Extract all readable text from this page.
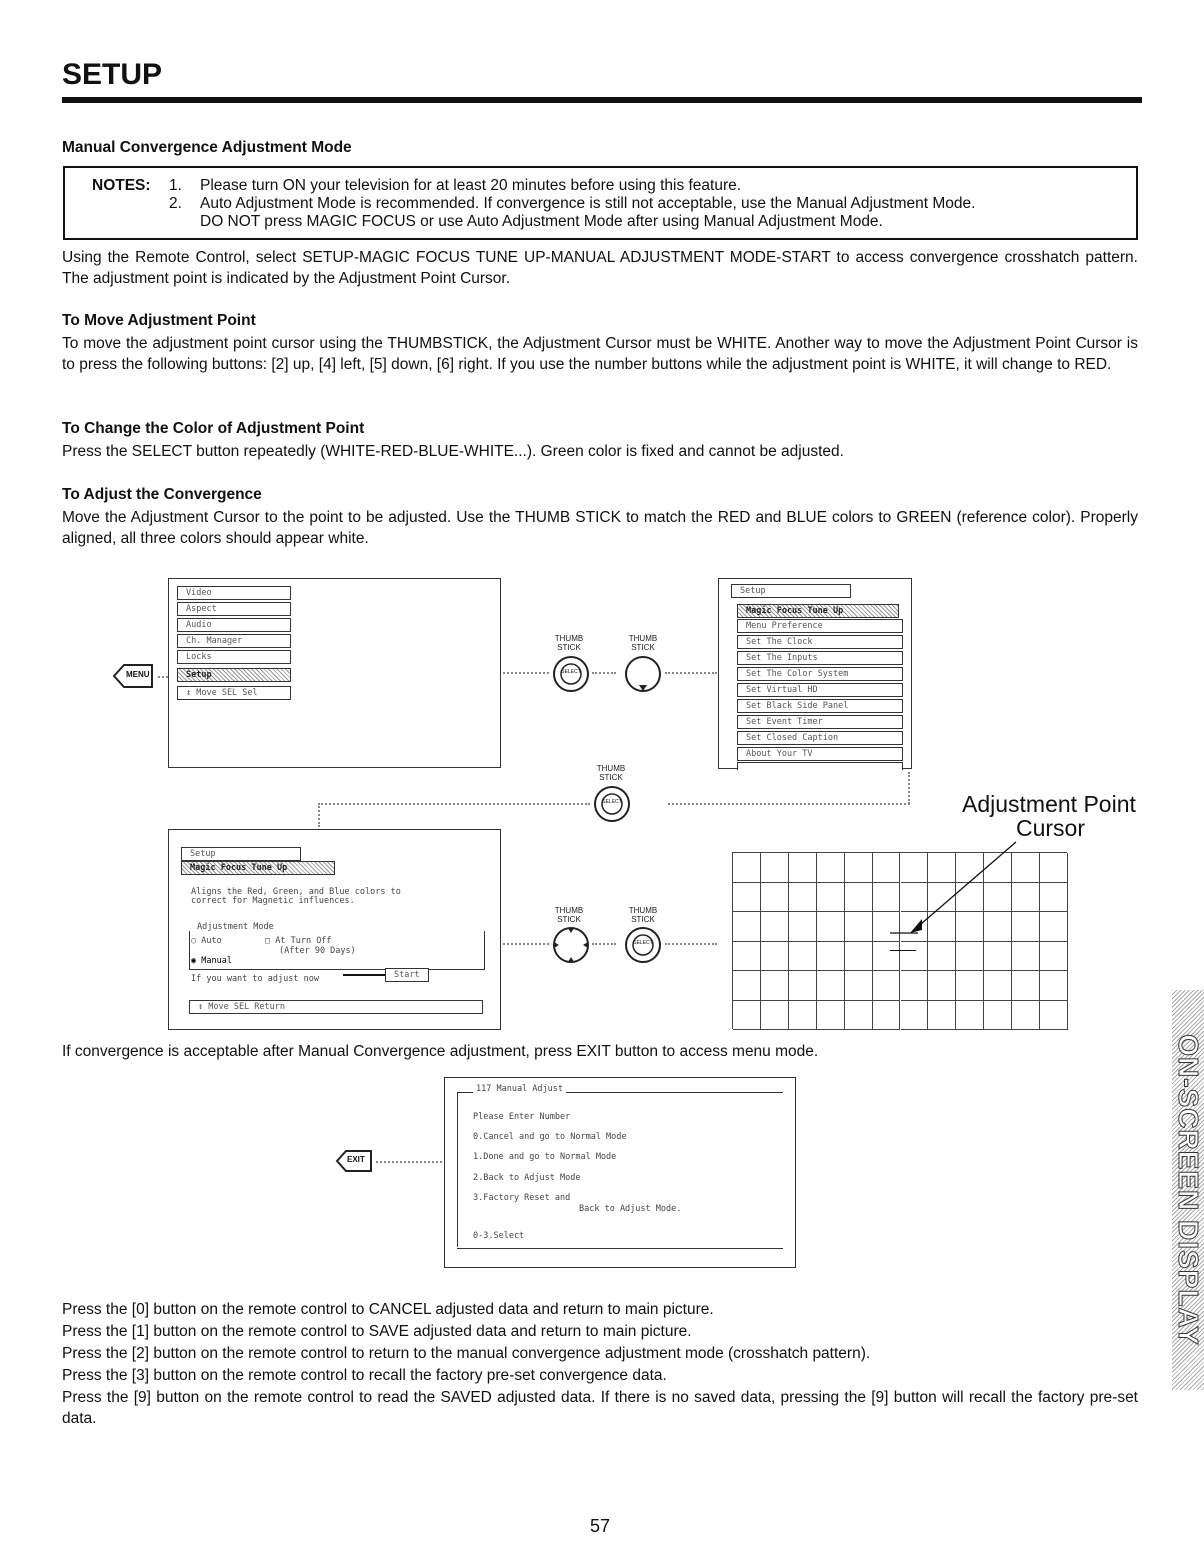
SETUP
Manual Convergence Adjustment Mode
NOTES: 1. Please turn ON your television for at least 20 minutes before using this feature.
2. Auto Adjustment Mode is recommended. If convergence is still not acceptable, use the Manual Adjustment Mode.
DO NOT press MAGIC FOCUS or use Auto Adjustment Mode after using Manual Adjustment Mode.
Using the Remote Control, select SETUP-MAGIC FOCUS TUNE UP-MANUAL ADJUSTMENT MODE-START to access convergence crosshatch pattern. The adjustment point is indicated by the Adjustment Point Cursor.
To Move Adjustment Point
To move the adjustment point cursor using the THUMBSTICK, the Adjustment Cursor must be WHITE. Another way to move the Adjustment Point Cursor is to press the following buttons: [2] up, [4] left, [5] down, [6] right. If you use the number buttons while the adjustment point is WHITE, it will change to RED.
To Change the Color of Adjustment Point
Press the SELECT button repeatedly (WHITE-RED-BLUE-WHITE...). Green color is fixed and cannot be adjusted.
To Adjust the Convergence
Move the Adjustment Cursor to the point to be adjusted. Use the THUMB STICK to match the RED and BLUE colors to GREEN (reference color). Properly aligned, all three colors should appear white.
MENU
Video
Aspect
Audio
Ch. Manager
Locks
Setup
↕ Move SEL Sel
THUMB STICK
SELECT
THUMB STICK
Setup
Magic Focus Tune Up
Menu Preference
Set The Clock
Set The Inputs
Set The Color System
Set Virtual HD
Set Black Side Panel
Set Event Timer
Set Closed Caption
About Your TV
THUMB STICK
SELECT	Adjustment Point
Cursor
Setup
Magic Focus Tune Up
Aligns the Red, Green, and Blue colors to correct for Magnetic influences.
Adjustment Mode
○ Auto	□ At Turn Off
(After 90 Days)
◉ Manual
If you want to adjust now	Start
↕ Move SEL Return
THUMB STICK
THUMB STICK
SELECT
If convergence is acceptable after Manual Convergence adjustment, press EXIT button to access menu mode.
EXIT
117 Manual Adjust
Please Enter Number
0.Cancel and go to Normal Mode
1.Done and go to Normal Mode
2.Back to Adjust Mode
3.Factory Reset and
Back to Adjust Mode.
0-3.Select
Press the [0] button on the remote control to CANCEL adjusted data and return to main picture.
Press the [1] button on the remote control to SAVE adjusted data and return to main picture.
Press the [2] button on the remote control to return to the manual convergence adjustment mode (crosshatch pattern).
Press the [3] button on the remote control to recall the factory pre-set convergence data.
Press the [9] button on the remote control to read the SAVED adjusted data. If there is no saved data, pressing the [9] button will recall the factory pre-set data.
ON-SCREEN DISPLAY
57
